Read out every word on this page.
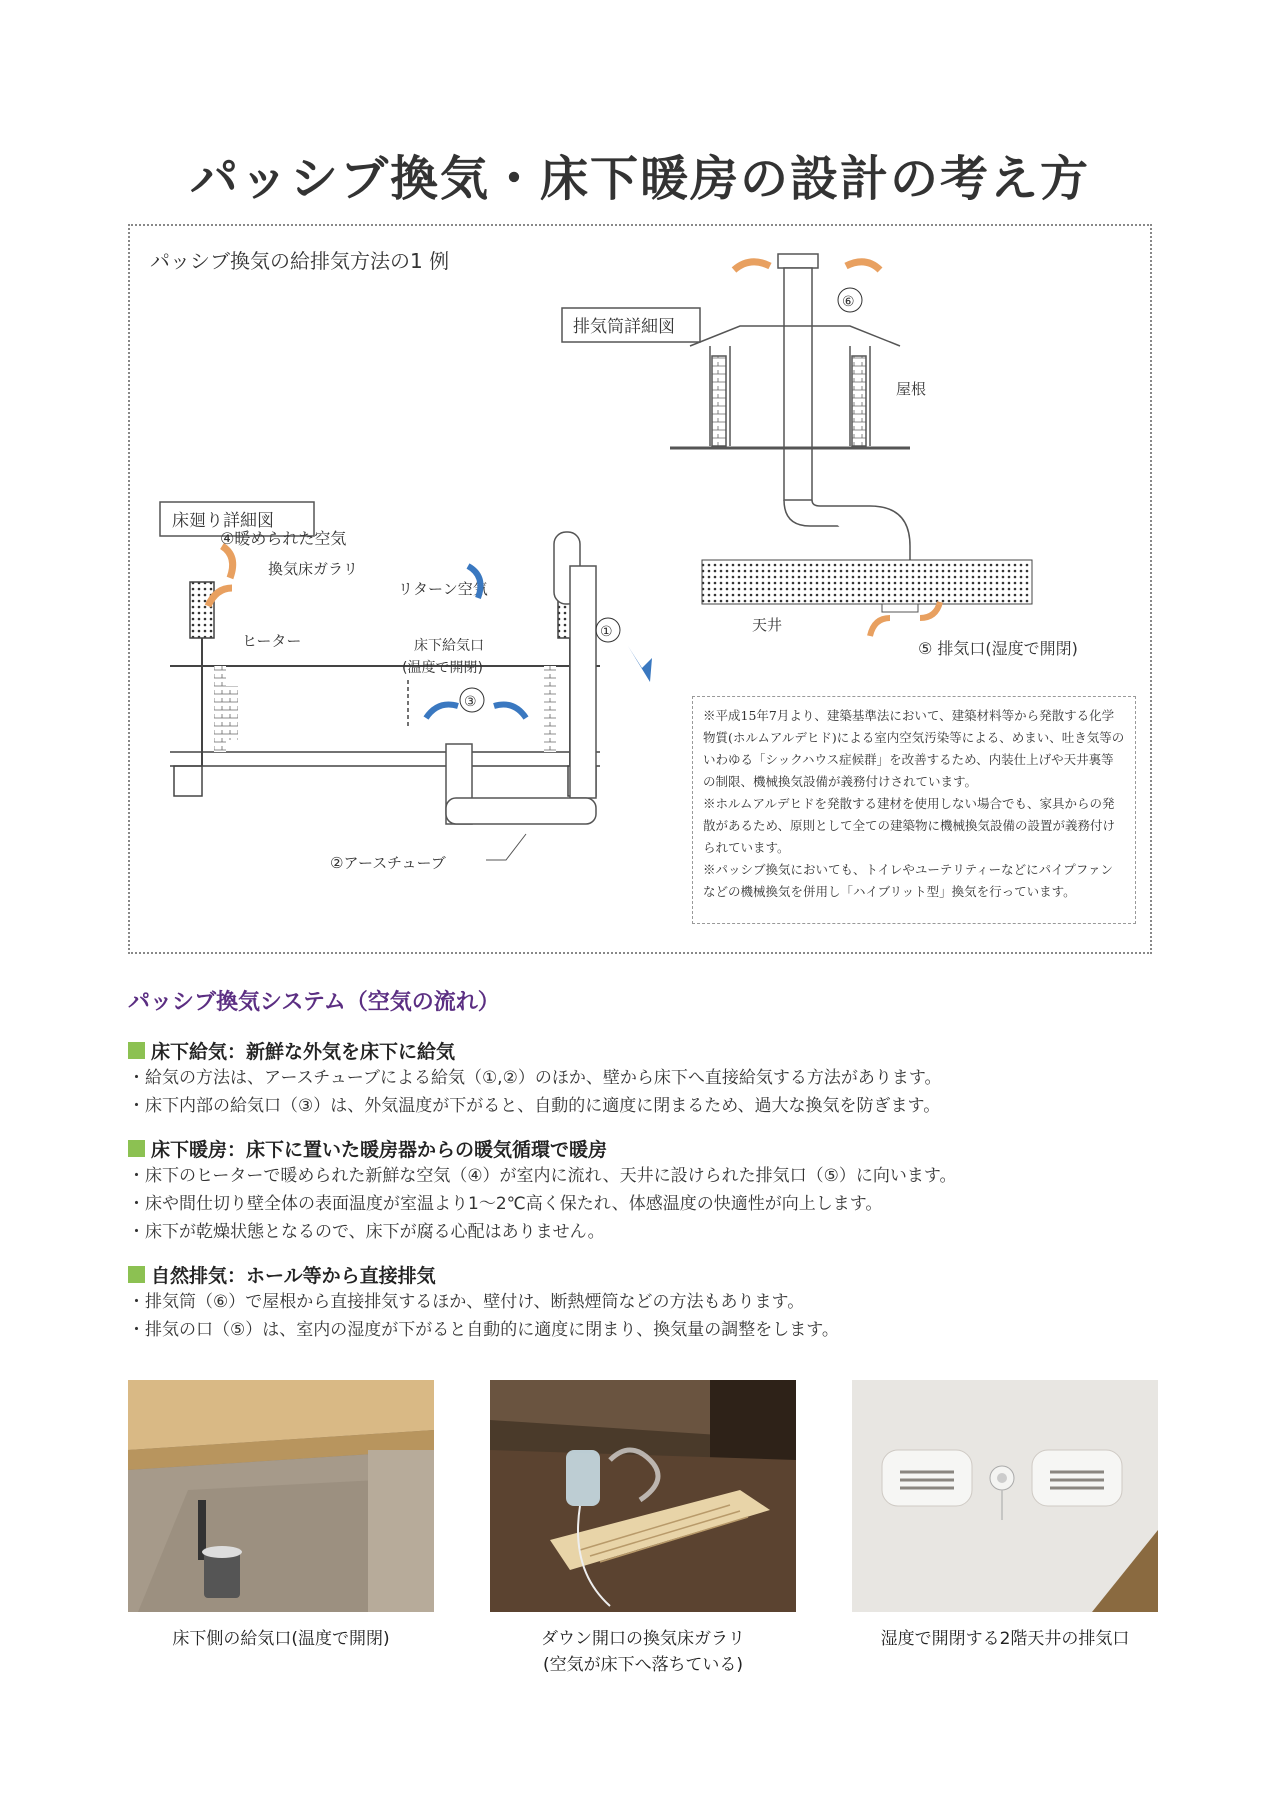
パッシブ換気・床下暖房の設計の考え方
パッシブ換気の給排気方法の1 例
排気筒詳細図
床廻り詳細図
屋根
天井
⑥
⑤ 排気口(湿度で開閉)
②アースチューブ
④暖められた空気
換気床ガラリ
リターン空気
ヒーター	床下給気口
(温度で開閉)
③
①

※平成15年7月より、建築基準法において、建築材料等から発散する化学物質(ホルムアルデヒド)による室内空気汚染等による、めまい、吐き気等のいわゆる「シックハウス症候群」を改善するため、内装仕上げや天井裏等の制限、機械換気設備が義務付けされています。

※ホルムアルデヒドを発散する建材を使用しない場合でも、家具からの発散があるため、原則として全ての建築物に機械換気設備の設置が義務付けられています。

※パッシブ換気においても、トイレやユーテリティーなどにパイプファンなどの機械換気を併用し「ハイブリット型」換気を行っています。

パッシブ換気システム（空気の流れ）
床下給気：新鮮な外気を床下に給気
・給気の方法は、アースチューブによる給気（①,②）のほか、壁から床下へ直接給気する方法があります。
・床下内部の給気口（③）は、外気温度が下がると、自動的に適度に閉まるため、過大な換気を防ぎます。
床下暖房：床下に置いた暖房器からの暖気循環で暖房
・床下のヒーターで暖められた新鮮な空気（④）が室内に流れ、天井に設けられた排気口（⑤）に向います。
・床や間仕切り壁全体の表面温度が室温より1～2℃高く保たれ、体感温度の快適性が向上します。
・床下が乾燥状態となるので、床下が腐る心配はありません。
自然排気：ホール等から直接排気
・排気筒（⑥）で屋根から直接排気するほか、壁付け、断熱煙筒などの方法もあります。
・排気の口（⑤）は、室内の湿度が下がると自動的に適度に閉まり、換気量の調整をします。
床下側の給気口(温度で開閉)	ダウン開口の換気床ガラリ
(空気が床下へ落ちている)
湿度で開閉する2階天井の排気口
